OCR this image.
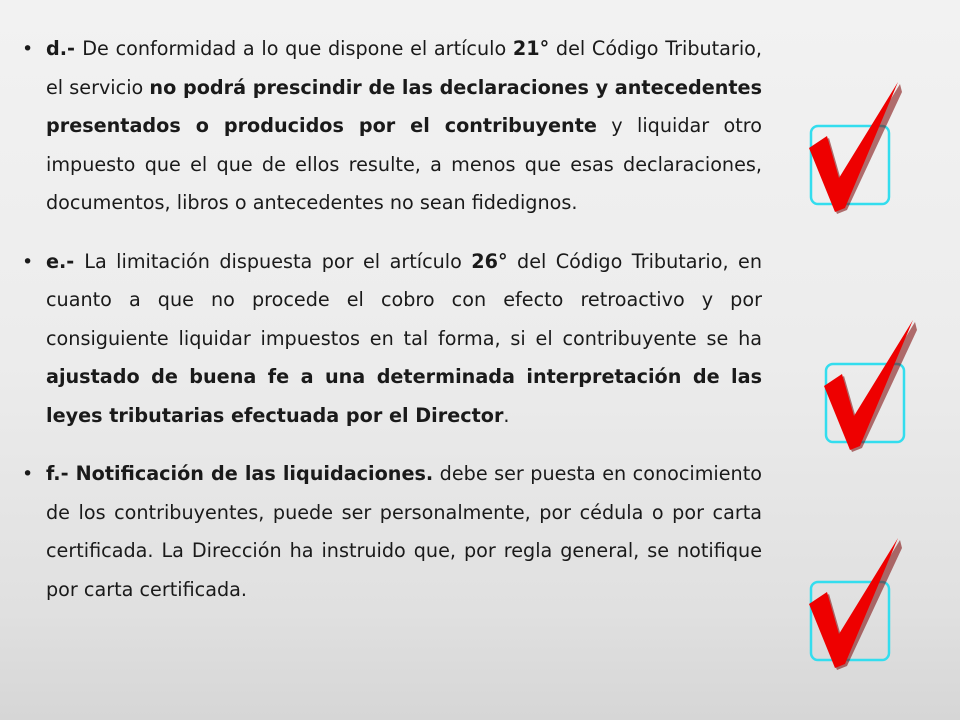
• d.- De conformidad a lo que dispone el artículo 21° del Código Tributario, el servicio no podrá prescindir de las declaraciones y antecedentes presentados o producidos por el contribuyente y liquidar otro impuesto que el que de ellos resulte, a menos que esas declaraciones, documentos, libros o antecedentes no sean fidedignos.
• e.- La limitación dispuesta por el artículo 26° del Código Tributario, en cuanto a que no procede el cobro con efecto retroactivo y por consiguiente liquidar impuestos en tal forma, si el contribuyente se ha ajustado de buena fe a una determinada interpretación de las leyes tributarias efectuada por el Director.
• f.- Notificación de las liquidaciones. debe ser puesta en conocimiento de los contribuyentes, puede ser personalmente, por cédula o por carta certificada. La Dirección ha instruido que, por regla general, se notifique por carta certificada.
